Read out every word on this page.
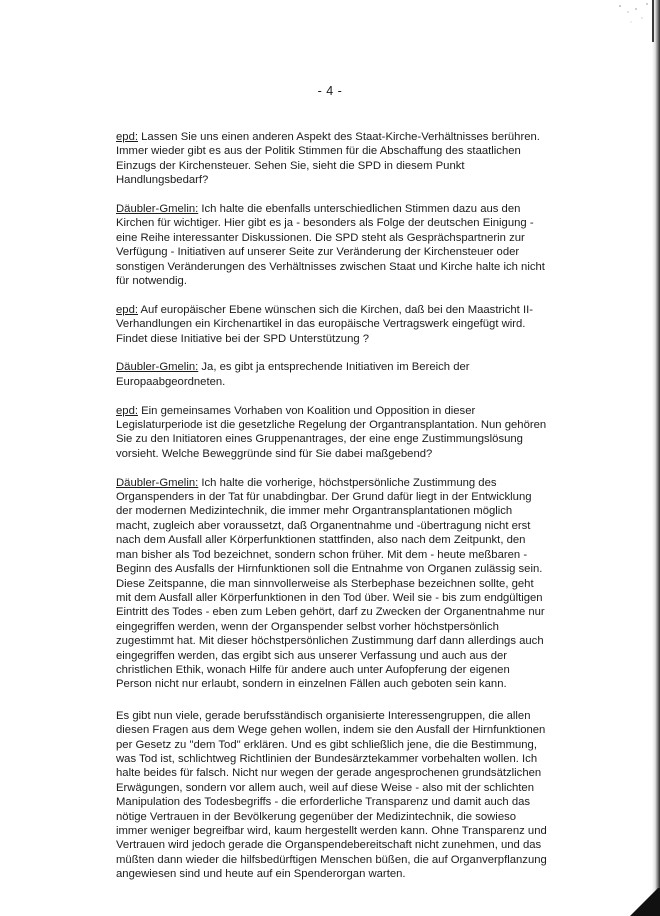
- 4 -

epd: Lassen Sie uns einen anderen Aspekt des Staat-Kirche-Verhältnisses berühren. Immer wieder gibt es aus der Politik Stimmen für die Abschaffung des staatlichen Einzugs der Kirchensteuer. Sehen Sie, sieht die SPD in diesem Punkt Handlungsbedarf?

Däubler-Gmelin: Ich halte die ebenfalls unterschiedlichen Stimmen dazu aus den Kirchen für wichtiger. Hier gibt es ja - besonders als Folge der deutschen Einigung - eine Reihe interessanter Diskussionen. Die SPD steht als Gesprächspartnerin zur Verfügung - Initiativen auf unserer Seite zur Veränderung der Kirchensteuer oder sonstigen Veränderungen des Verhältnisses zwischen Staat und Kirche halte ich nicht für notwendig.

epd: Auf europäischer Ebene wünschen sich die Kirchen, daß bei den Maastricht II-Verhandlungen ein Kirchenartikel in das europäische Vertragswerk eingefügt wird. Findet diese Initiative bei der SPD Unterstützung ?

Däubler-Gmelin: Ja, es gibt ja entsprechende Initiativen im Bereich der Europaabgeordneten.

epd: Ein gemeinsames Vorhaben von Koalition und Opposition in dieser Legislaturperiode ist die gesetzliche Regelung der Organtransplantation. Nun gehören Sie zu den Initiatoren eines Gruppenantrages, der eine enge Zustimmungslösung vorsieht. Welche Beweggründe sind für Sie dabei maßgebend?

Däubler-Gmelin: Ich halte die vorherige, höchstpersönliche Zustimmung des Organspenders in der Tat für unabdingbar. Der Grund dafür liegt in der Entwicklung der modernen Medizintechnik, die immer mehr Organtransplantationen möglich macht, zugleich aber voraussetzt, daß Organentnahme und -übertragung nicht erst nach dem Ausfall aller Körperfunktionen stattfinden, also nach dem Zeitpunkt, den man bisher als Tod bezeichnet, sondern schon früher. Mit dem - heute meßbaren - Beginn des Ausfalls der Hirnfunktionen soll die Entnahme von Organen zulässig sein. Diese Zeitspanne, die man sinnvollerweise als Sterbephase bezeichnen sollte, geht mit dem Ausfall aller Körperfunktionen in den Tod über. Weil sie - bis zum endgültigen Eintritt des Todes - eben zum Leben gehört, darf zu Zwecken der Organentnahme nur eingegriffen werden, wenn der Organspender selbst vorher höchstpersönlich zugestimmt hat. Mit dieser höchstpersönlichen Zustimmung darf dann allerdings auch eingegriffen werden, das ergibt sich aus unserer Verfassung und auch aus der christlichen Ethik, wonach Hilfe für andere auch unter Aufopferung der eigenen Person nicht nur erlaubt, sondern in einzelnen Fällen auch geboten sein kann.

Es gibt nun viele, gerade berufsständisch organisierte Interessengruppen, die allen diesen Fragen aus dem Wege gehen wollen, indem sie den Ausfall der Hirnfunktionen per Gesetz zu "dem Tod" erklären. Und es gibt schließlich jene, die die Bestimmung, was Tod ist, schlichtweg Richtlinien der Bundesärztekammer vorbehalten wollen. Ich halte beides für falsch. Nicht nur wegen der gerade angesprochenen grundsätzlichen Erwägungen, sondern vor allem auch, weil auf diese Weise - also mit der schlichten Manipulation des Todesbegriffs - die erforderliche Transparenz und damit auch das nötige Vertrauen in der Bevölkerung gegenüber der Medizintechnik, die sowieso immer weniger begreifbar wird, kaum hergestellt werden kann. Ohne Transparenz und Vertrauen wird jedoch gerade die Organspendebereitschaft nicht zunehmen, und das müßten dann wieder die hilfsbedürftigen Menschen büßen, die auf Organverpflanzung angewiesen sind und heute auf ein Spenderorgan warten.
